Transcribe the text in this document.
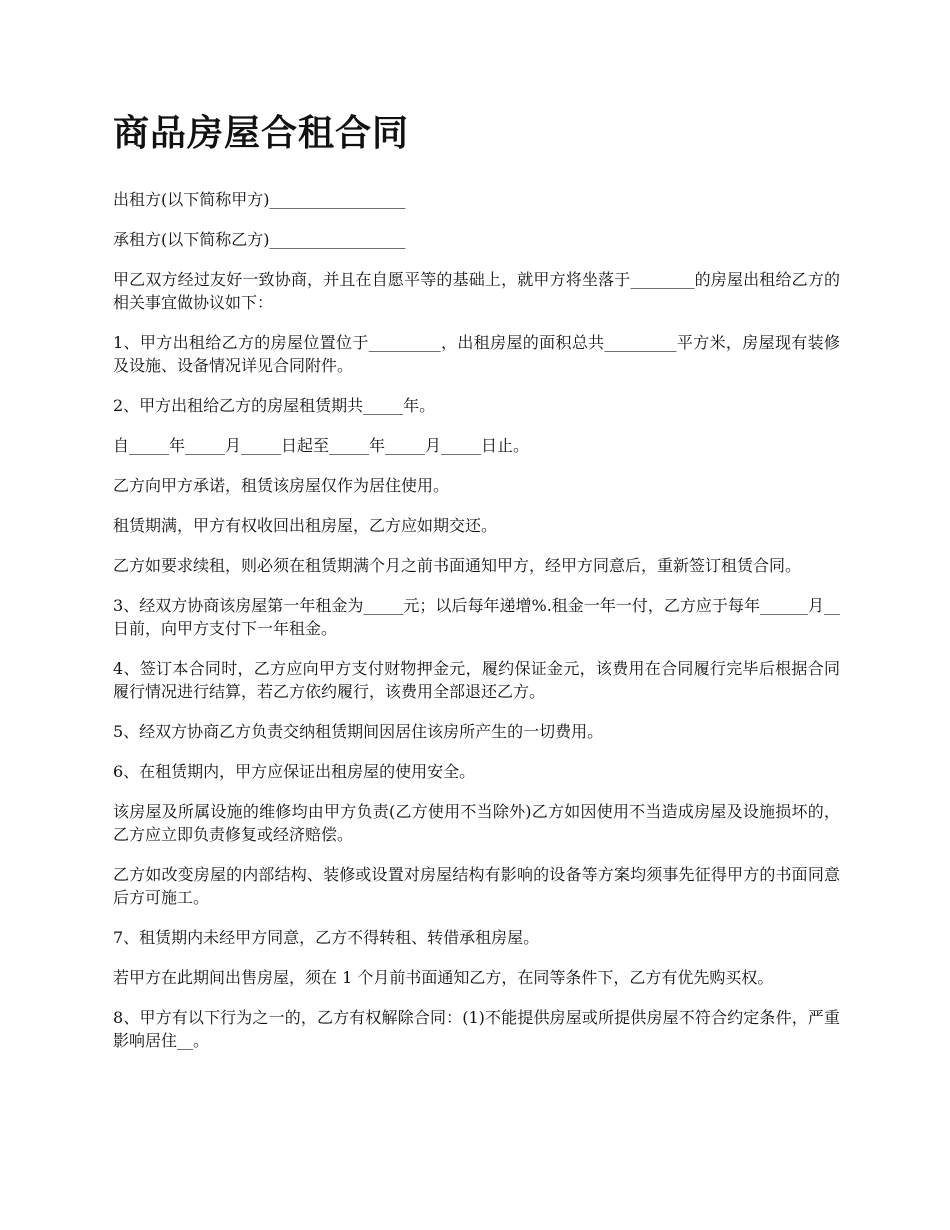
商品房屋合租合同

出租方(以下简称甲方)_________________

承租方(以下简称乙方)_________________

甲乙双方经过友好一致协商，并且在自愿平等的基础上，就甲方将坐落于________的房屋出租给乙方的相关事宜做协议如下：

1、甲方出租给乙方的房屋位置位于_________，出租房屋的面积总共_________平方米，房屋现有装修及设施、设备情况详见合同附件。

2、甲方出租给乙方的房屋租赁期共_____年。

自_____年_____月_____日起至_____年_____月_____日止。

乙方向甲方承诺，租赁该房屋仅作为居住使用。

租赁期满，甲方有权收回出租房屋，乙方应如期交还。

乙方如要求续租，则必须在租赁期满个月之前书面通知甲方，经甲方同意后，重新签订租赁合同。

3、经双方协商该房屋第一年租金为_____元；以后每年递增%.租金一年一付，乙方应于每年______月__日前，向甲方支付下一年租金。

4、签订本合同时，乙方应向甲方支付财物押金元，履约保证金元，该费用在合同履行完毕后根据合同履行情况进行结算，若乙方依约履行，该费用全部退还乙方。

5、经双方协商乙方负责交纳租赁期间因居住该房所产生的一切费用。

6、在租赁期内，甲方应保证出租房屋的使用安全。

该房屋及所属设施的维修均由甲方负责(乙方使用不当除外)乙方如因使用不当造成房屋及设施损坏的，乙方应立即负责修复或经济赔偿。

乙方如改变房屋的内部结构、装修或设置对房屋结构有影响的设备等方案均须事先征得甲方的书面同意后方可施工。

7、租赁期内未经甲方同意，乙方不得转租、转借承租房屋。

若甲方在此期间出售房屋，须在 1 个月前书面通知乙方，在同等条件下，乙方有优先购买权。

8、甲方有以下行为之一的，乙方有权解除合同：(1)不能提供房屋或所提供房屋不符合约定条件，严重影响居住__。
